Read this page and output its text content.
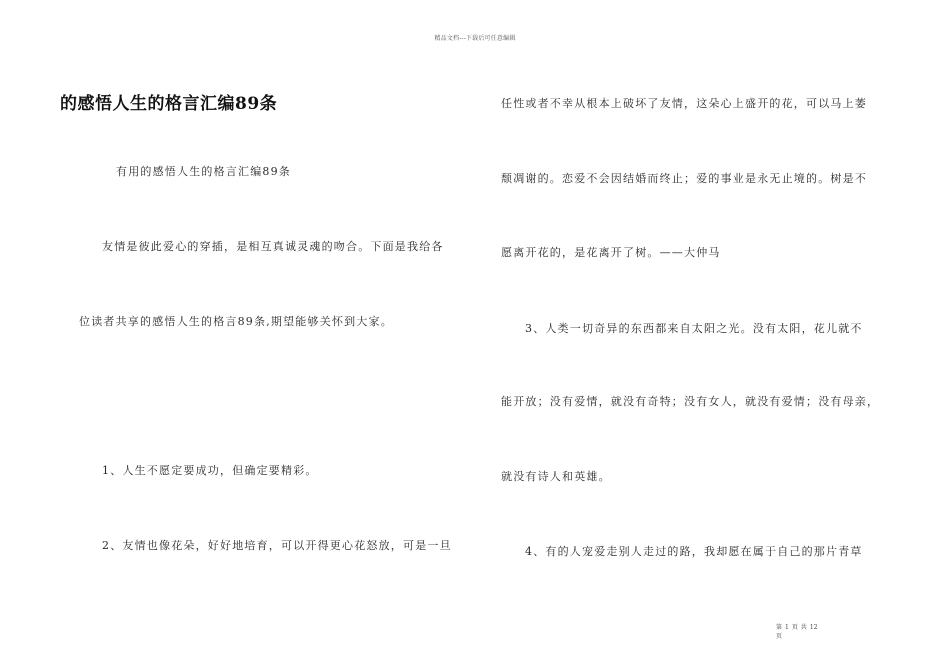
精品文档---下载后可任意编辑
的感悟人生的格言汇编89条
有用的感悟人生的格言汇编89条
友情是彼此爱心的穿插，是相互真诚灵魂的吻合。下面是我给各
位读者共享的感悟人生的格言89条,期望能够关怀到大家。
1、人生不愿定要成功，但确定要精彩。
2、友情也像花朵，好好地培育，可以开得更心花怒放，可是一旦
任性或者不幸从根本上破坏了友情，这朵心上盛开的花，可以马上萎
颓凋谢的。恋爱不会因结婚而终止；爱的事业是永无止境的。树是不
愿离开花的，是花离开了树。——大仲马
3、人类一切奇异的东西都来自太阳之光。没有太阳，花儿就不
能开放；没有爱情，就没有奇特；没有女人，就没有爱情；没有母亲，
就没有诗人和英雄。
4、有的人宠爱走别人走过的路，我却愿在属于自己的那片青草
第 1 页 共 12
页
